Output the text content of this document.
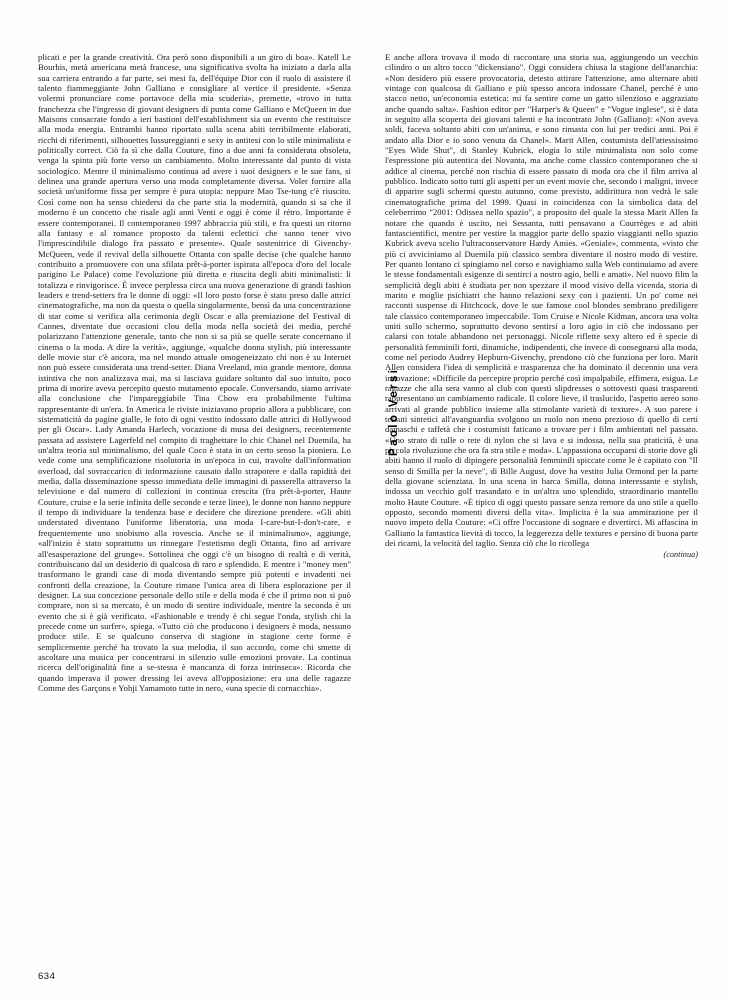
plicati e per la grande creatività. Ora però sono disponibili a un giro di boa». Katell Le Bourhis, metà americana metà francese, una significativa svolta ha iniziato a darla alla sua carriera entrando a far parte, sei mesi fa, dell'équipe Dior con il ruolo di assistere il talento fiammeggiante John Galliano e consigliare al vertice il presidente. «Senza volermi pronunciare come portavoce della mia scuderia», premette, «trovo in tutta franchezza che l'ingresso di giovani designers di punta come Galliano e McQueen in due Maisons consacrate fondo a ieri bastioni dell'establishment sia un evento che restituisce alla moda energia. Entrambi hanno riportato sulla scena abiti terribilmente elaborati, ricchi di riferimenti, silhouettes lussureggianti e sexy in antitesi con lo stile minimalista e politically correct. Ciò fa sì che dalla Couture, fino a due anni fa considerata obsoleta, venga la spinta più forte verso un cambiamento. Molto interessante dal punto di vista sociologico. Mentre il minimalismo continua ad avere i suoi designers e le sue fans, si delinea una grande apertura verso una moda completamente diversa. Voler fornire alla società un'uniforme fissa per sempre è pura utopia: neppure Mao Tse-tung c'è riuscito. Così come non ha senso chiedersi da che parte stia la modernità, quando si sa che il moderno è un concetto che risale agli anni Venti e oggi è come il rétro. Importante è essere contemporanei. Il contemporaneo 1997 abbraccia più stili, e fra questi un ritorno alla fantasy e al romance proposto da talenti eclettici che sanno tener vivo l'imprescindibile dialogo fra passato e presente». Quale sostenitrice di Givenchy-McQueen, vede il revival della silhouette Ottanta con spalle decise (che qualche hanno contribuito a promuovere con una sfilata prêt-à-porter ispirata all'epoca d'oro del locale parigino Le Palace) come l'evoluzione più diretta e riuscita degli abiti minimalisti: li totalizza e rinvigorisce. È invece perplessa circa una nuova generazione di grandi fashion leaders e trend-setters fra le donne di oggi: «Il loro posto forse è stato preso dalle attrici cinematografiche, ma non da questa o quella singolarmente, bensì da una concentrazione di star come si verifica alla cerimonia degli Oscar e alla premiazione del Festival di Cannes, diventate due occasioni clou della moda nella società dei media, perché polarizzano l'attenzione generale, tanto che non si sa più se quelle serate concernano il cinema o la moda. A dire la verità», aggiunge, «qualche donna stylish, più interessante delle movie star c'è ancora, ma nel mondo attuale omogeneizzato chi non è su Internet non può essere considerata una trend-setter. Diana Vreeland, mio grande mentore, donna istintiva che non analizzava mai, ma si lasciava guidare soltanto dal suo intuito, poco prima di morire aveva percepito questo mutamento epocale. Conversando, siamo arrivate alla conclusione che l'impareggiabile Tina Chow era probabilmente l'ultima rappresentante di un'era. In America le riviste iniziavano proprio allora a pubblicare, con sistematicità da pagine gialle, le foto di ogni vestito indossato dalle attrici di Hollywood per gli Oscar». Lady Amanda Harlech, vocazione di musa dei designers, recentemente passata ad assistere Lagerfeld nel compito di traghettare lo chic Chanel nel Duemila, ha un'altra teoria sul minimalismo, del quale Coco è stata in un certo senso la pioniera. Lo vede come una semplificazione risolutoria in un'epoca in cui, travolte dall'information overload, dal sovraccarico di informazione causato dallo strapotere e dalla rapidità dei media, dalla disseminazione spesso immediata delle immagini di passerella attraverso la televisione e dal numero di collezioni in continua crescita (fra prêt-à-porter, Haute Couture, cruise e la serie infinita delle seconde e terze linee), le donne non hanno neppure il tempo di individuare la tendenza base e decidere che direzione prendere. «Gli abiti understated diventano l'uniforme liberatoria, una moda I-care-but-I-don't-care, e frequentemente uno snobismo alla rovescia. Anche se il minimalismo», aggiunge, «all'inizio è stato soprattutto un rinnegare l'estetismo degli Ottanta, fino ad arrivare all'esasperazione del grunge». Sottolinea che oggi c'è un bisogno di realtà e di verità, contribuiscano dal un desiderio di qualcosa di raro e splendido. E mentre i "money men" trasformano le grandi case di moda diventando sempre più potenti e invadenti nei confronti della creazione, la Couture rimane l'unica area di libera esplorazione per il designer. La sua concezione personale dello stile e della moda è che il primo non si può comprare, non si sa mercato, è un modo di sentire individuale, mentre la seconda è un evento che si è già verificato. «Fashionable e trendy è chi segue l'onda, stylish chi la precede come un surfer», spiega. «Tutto ciò che producono i designers è moda, nessuno produce stile. E se qualcuno conserva di stagione in stagione certe forme è semplicemente perché ha trovato la sua melodia, il suo accordo, come chi smette di ascoltare una musica per concentrarsi in silenzio sulle emozioni provate. La continua ricerca dell'originalità fine a se-stessa è mancanza di forza intrinseca». Ricorda che quando imperava il power dressing lei aveva all'opposizione: era una delle ragazze Comme des Garçons e Yohji Yamamoto tutte in nero, «una specie di cornacchia».

E anche allora trovava il modo di raccontare una storia sua, aggiungendo un vecchio cilindro o un altro tocco "dickensiano". Oggi considera chiusa la stagione dell'anarchia: «Non desidero più essere provocatoria, detesto attirare l'attenzione, amo alternare abiti vintage con qualcosa di Galliano e più spesso ancora indossare Chanel, perché è uno stacco netto, un'economia estetica: mi fa sentire come un gatto silenzioso e aggraziato anche quando salta». Fashion editor per "Harper's & Queen" e "Vogue inglese", si è data in seguito alla scoperta dei giovani talenti e ha incontrato John (Galliano): «Non aveva soldi, faceva soltanto abiti con un'anima, e sono rimasta con lui per tredici anni. Poi è andato alla Dior e io sono venuta da Chanel». Marit Allen, costumista dell'attessissimo "Eyes Wide Shut", di Stanley Kubrick, elogia lo stile minimalista non solo come l'espressione più autentica dei Novanta, ma anche come classico contemporaneo che si addice al cinema, perché non rischia di essere passato di moda ora che il film arriva al pubblico. Indicato sotto tutti gli aspetti per un event movie che, secondo i maligni, invece di apparire sugli schermi questo autunno, come previsto, addirittura non vedrà le sale cinematografiche prima del 1999. Quasi in coincidenza con la simbolica data del celeberrimo "2001: Odissea nello spazio", a proposito del quale la stessa Marit Allen fa notare che quando è uscito, nei Sessanta, tutti pensavano a Courrèges e ad abiti fantascientifici, mentre per vestire la maggior parte dello spazio viaggianti nello spazio Kubrick aveva scelto l'ultraconservatore Hardy Amies. «Geniale», commenta, «visto che più ci avviciniamo al Duemila più classico sembra diventare il nostro modo di vestire. Per quanto lontano ci spingiamo nel corso e navighiamo sulla Web continuiamo ad avere le stesse fondamentali esigenze di sentirci a nostro agio, belli e amati». Nel nuovo film la semplicità degli abiti è studiata per non spezzare il mood visivo della vicenda, storia di marito e moglie psichiatri che hanno relazioni sexy con i pazienti. Un po' come nei racconti suspense di Hitchcock, dove le sue famose cool blondes sembrano prediligere tale classico contemporaneo impeccabile. Tom Cruise e Nicole Kidman, ancora una volta uniti sullo schermo, soprattutto devono sentirsi a loro agio in ciò che indossano per calarsi con totale abbandono nei personaggi. Nicole riflette sexy altero ed è specie di personalità femminili forti, dinamiche, indipendenti, che invece di consegnarsi alla moda, come nel periodo Audrey Hepburn-Givenchy, prendono ciò che funziona per loro. Marit Allen considera l'idea di semplicità e trasparenza che ha dominato il decennio una vera innovazione: «Difficile da percepire proprio perché così impalpabile, effimera, esigua. Le ragazze che alla sera vanno al club con questi slipdresses o sottovesti quasi trasparenti rappresentano un cambiamento radicale. Il colore lieve, il traslucido, l'aspetto aereo sono arrivati al grande pubblico insieme alla stimolante varietà di texture». A suo parere i tessuti sintetici all'avanguardia svolgono un ruolo non meno prezioso di quello di certi damaschi e taffetà che i costumisti faticano a trovare per i film ambientati nel passato. «Uno strato di tulle o rete di nylon che si lava e si indossa, nella sua praticità, è una piccola rivoluzione che ora fa stra stile e moda». L'appassiona occuparsi di storie dove gli abiti hanno il ruolo di dipingere personalità femminili spiccate come le è capitato con "Il senso di Smilla per la neve", di Bille August, dove ha vestito Julia Ormond per la parte della giovane scienziata. In una scena in barca Smilla, donna interessante e stylish, indossa un vecchio golf trasandato e in un'altra uno splendido, straordinario mantello molto Haute Couture. «È tipico di oggi questo passare senza remore da uno stile a quello opposto, secondo momenti diversi della vita». Implicita è la sua ammirazione per il nuovo impeto della Couture: «Ci offre l'occasione di sognare e divertirci. Mi affascina in Galliano la fantastica lievità di tocco, la leggerezza delle textures e persino di buona parte dei ricami, la velocità del taglio. Senza ciò che lo ricollega

(continua)
Paolo Versi
634
